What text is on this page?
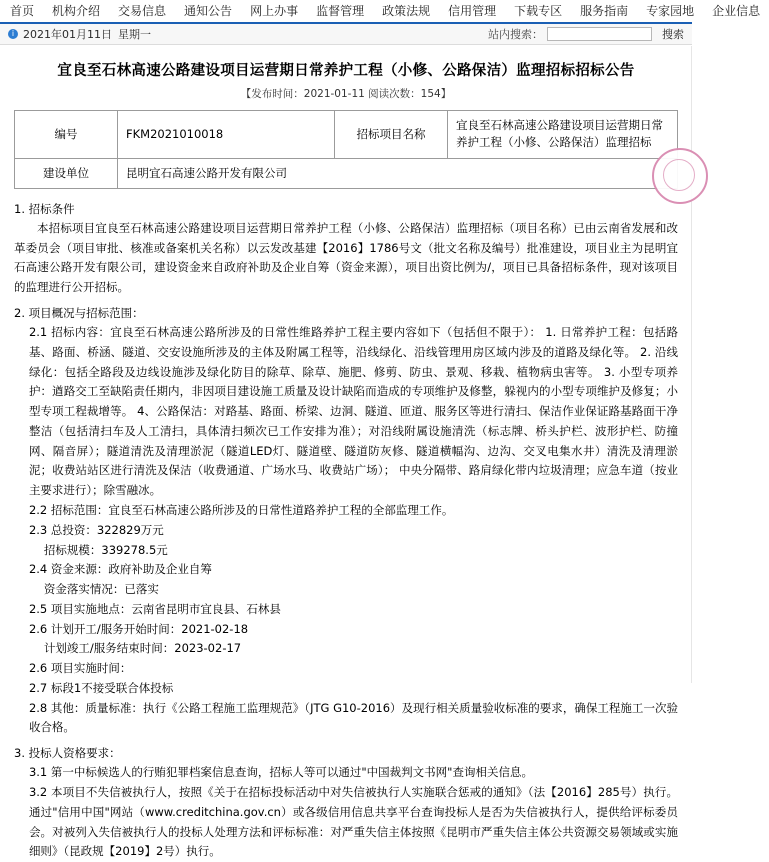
首页	机构介绍	交易信息	通知公告	网上办事	监督管理	政策法规	信用管理	下载专区	服务指南	专家园地	企业信息
i 2021年01月11日 星期一	站内搜索：	搜索
宜良至石林高速公路建设项目运营期日常养护工程（小修、公路保洁）监理招标招标公告
【发布时间：2021-01-11 阅读次数：154】
编号	FKM2021010018	招标项目名称	宜良至石林高速公路建设项目运营期日常养护工程（小修、公路保洁）监理招标
建设单位	昆明宜石高速公路开发有限公司		
1. 招标条件

本招标项目宜良至石林高速公路建设项目运营期日常养护工程（小修、公路保洁）监理招标（项目名称）已由云南省发展和改革委员会（项目审批、核准或备案机关名称）以云发改基建【2016】1786号文（批文名称及编号）批准建设，项目业主为昆明宜石高速公路开发有限公司，建设资金来自政府补助及企业自筹（资金来源），项目出资比例为/，项目已具备招标条件，现对该项目的监理进行公开招标。

2. 项目概况与招标范围：

2.1 招标内容：宜良至石林高速公路所涉及的日常性维路养护工程主要内容如下（包括但不限于）： 1. 日常养护工程：包括路基、路面、桥涵、隧道、交安设施所涉及的主体及附属工程等，沿线绿化、沿线管理用房区域内涉及的道路及绿化等。 2. 沿线绿化：包括全路段及边线设施涉及绿化防目的除草、除草、施肥、修剪、防虫、景观、移栽、植物病虫害等。 3. 小型专项养护：遒路交工至缺陷责任期内，非因项目建设施工质量及设计缺陷而造成的专项维护及修整，躲视内的小型专项维护及修复；小型专项工程裁增等。 4、公路保洁：对路基、路面、桥梁、边洞、隧道、匝道、服务区等进行清扫、保洁作业保证路基路面干净整洁（包括清扫车及人工清扫，具体清扫频次已工作安排为准）；对沿线附属设施清洗（标志牌、桥头护栏、波形护栏、防撞网、隔音屏）；隧道清洗及清理淤泥（隧道LED灯、隧道壁、隧道防灰修、隧道横幅沟、边沟、交叉电集水井）清洗及清理淤泥；收费站站区进行清洗及保洁（收费通道、广场水马、收费站广场）； 中央分隔带、路肩绿化带内垃圾清理；应急车道（按业主要求进行）；除雪融冰。

2.2 招标范围：宜良至石林高速公路所涉及的日常性道路养护工程的全部监理工作。

2.3 总投资：322829万元

招标规模：339278.5元

2.4 资金来源：政府补助及企业自筹

资金落实情况：已落实

2.5 项目实施地点：云南省昆明市宜良县、石林县

2.6 计划开工/服务开始时间：2021-02-18

计划竣工/服务结束时间：2023-02-17

2.6 项目实施时间：

2.7 标段1不接受联合体投标

2.8 其他：质量标准：执行《公路工程施工监理规范》（JTG G10-2016）及现行相关质量验收标准的要求，确保工程施工一次验收合格。

3. 投标人资格要求：

3.1 第一中标候选人的行贿犯罪档案信息查询，招标人等可以通过"中国裁判文书网"查询相关信息。

3.2 本项目不失信被执行人，按照《关于在招标投标活动中对失信被执行人实施联合惩戒的通知》（法【2016】285号）执行。通过"信用中国"网站（www.creditchina.gov.cn）或各级信用信息共享平台查询投标人是否为失信被执行人，提供给评标委员会。对被列入失信被执行人的投标人处理方法和评标标准：对严重失信主体按照《昆明市严重失信主体公共资源交易领域或实施细则》（昆政规【2019】2号）执行。
